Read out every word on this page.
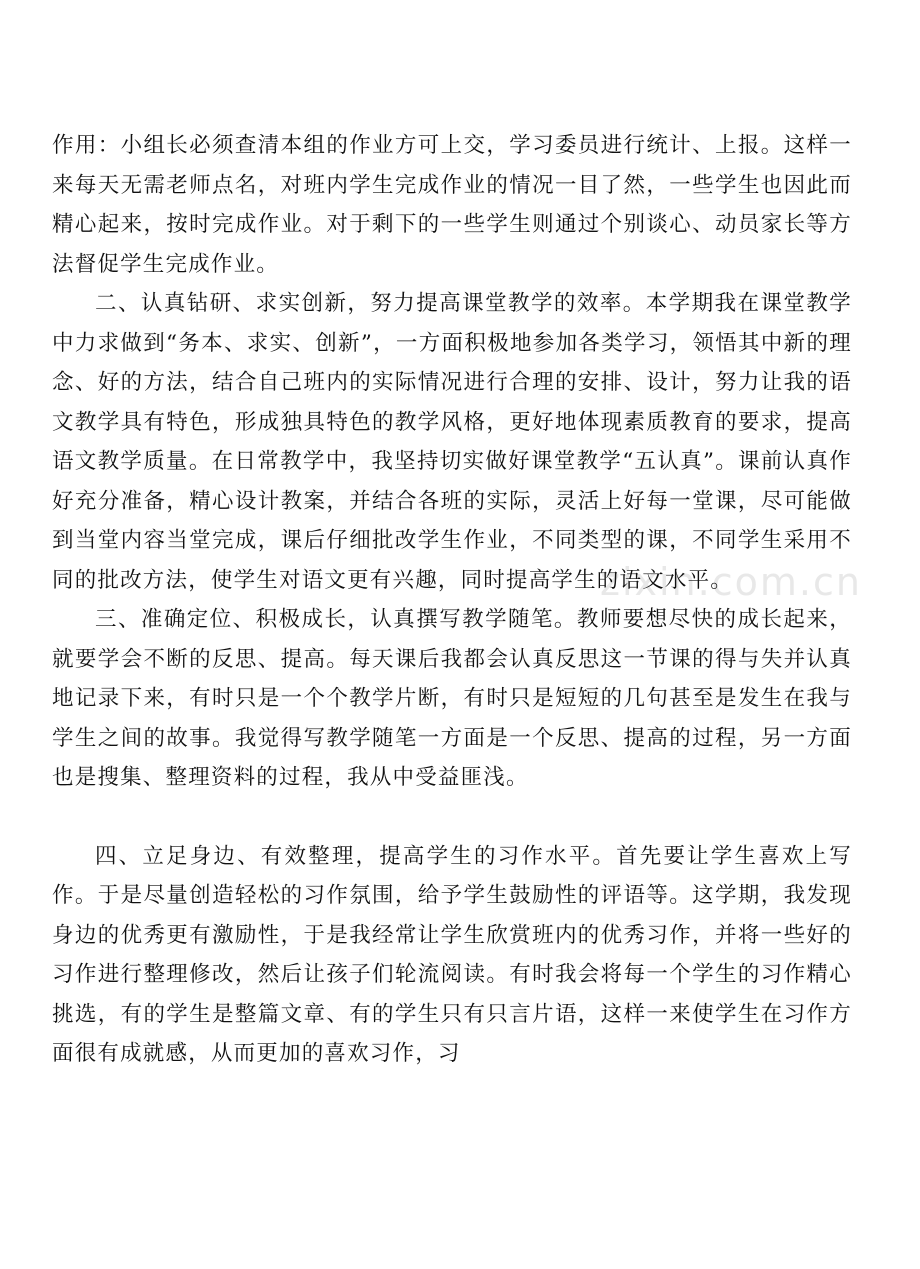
zixin.com.cn

作用：小组长必须查清本组的作业方可上交，学习委员进行统计、上报。这样一来每天无需老师点名，对班内学生完成作业的情况一目了然，一些学生也因此而精心起来，按时完成作业。对于剩下的一些学生则通过个别谈心、动员家长等方法督促学生完成作业。

二、认真钻研、求实创新，努力提高课堂教学的效率。本学期我在课堂教学中力求做到“务本、求实、创新”，一方面积极地参加各类学习，领悟其中新的理念、好的方法，结合自己班内的实际情况进行合理的安排、设计，努力让我的语文教学具有特色，形成独具特色的教学风格，更好地体现素质教育的要求，提高语文教学质量。在日常教学中，我坚持切实做好课堂教学“五认真”。课前认真作好充分准备，精心设计教案，并结合各班的实际，灵活上好每一堂课，尽可能做到当堂内容当堂完成，课后仔细批改学生作业，不同类型的课，不同学生采用不同的批改方法，使学生对语文更有兴趣，同时提高学生的语文水平。

三、准确定位、积极成长，认真撰写教学随笔。教师要想尽快的成长起来，就要学会不断的反思、提高。每天课后我都会认真反思这一节课的得与失并认真地记录下来，有时只是一个个教学片断，有时只是短短的几句甚至是发生在我与学生之间的故事。我觉得写教学随笔一方面是一个反思、提高的过程，另一方面也是搜集、整理资料的过程，我从中受益匪浅。

四、立足身边、有效整理，提高学生的习作水平。首先要让学生喜欢上写作。于是尽量创造轻松的习作氛围，给予学生鼓励性的评语等。这学期，我发现身边的优秀更有激励性，于是我经常让学生欣赏班内的优秀习作，并将一些好的习作进行整理修改，然后让孩子们轮流阅读。有时我会将每一个学生的习作精心挑选，有的学生是整篇文章、有的学生只有只言片语，这样一来使学生在习作方面很有成就感，从而更加的喜欢习作，习
